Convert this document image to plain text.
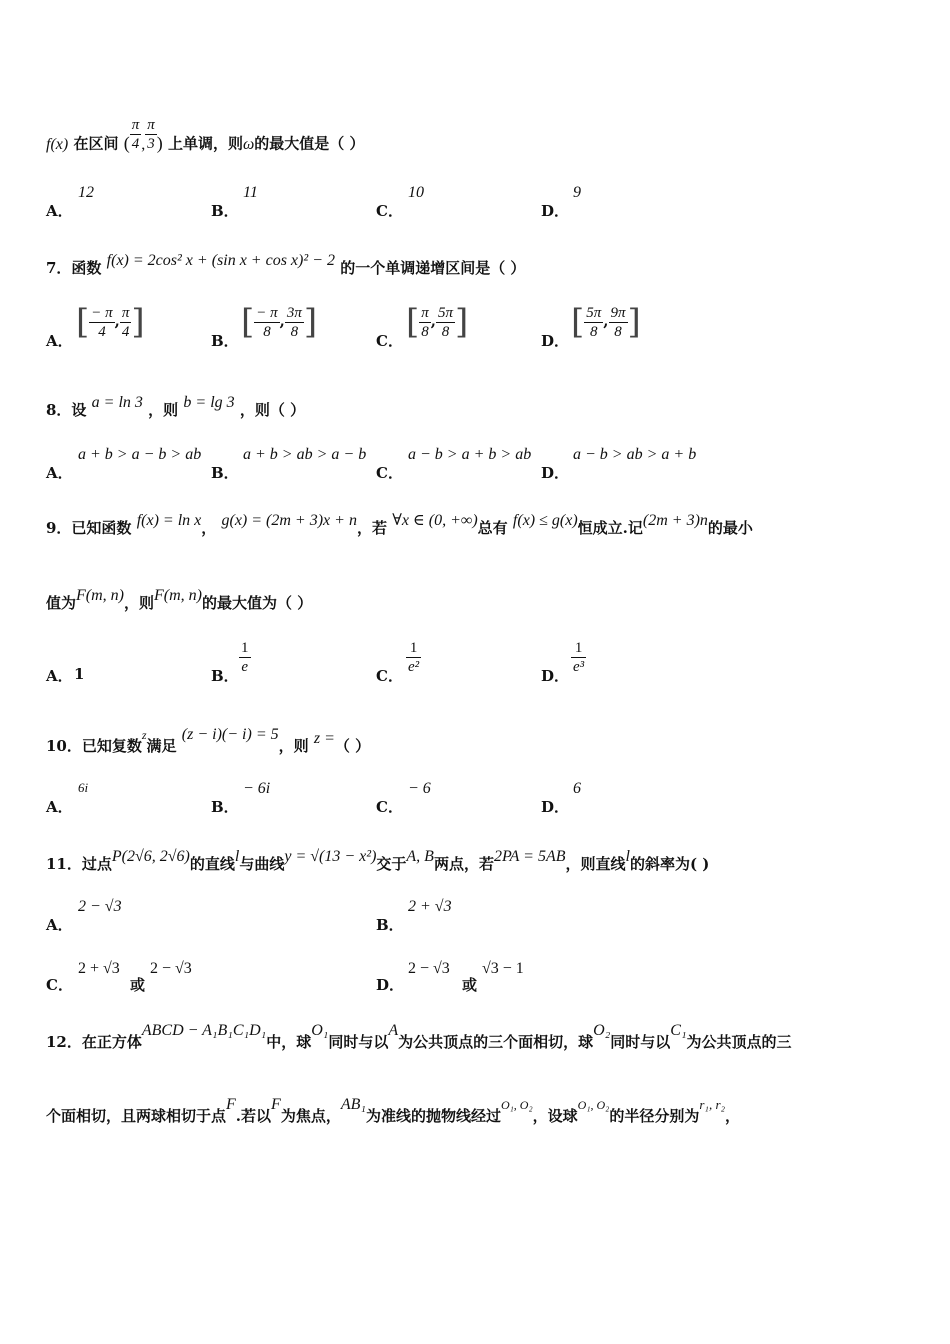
f(x) 在区间 ( $\frac{\pi}{4}$ , $\frac{\pi}{3}$ ) 上单调，则ω的最大值是（ ）
A．
12
B．
11
C．
10
D．
9
7．函数 f(x) = 2cos² x + (sin x + cos x)² − 2 的一个单调递增区间是（ ）
A． [ $\frac{- \pi}{4}$ , $\frac{\pi}{4}$ ]	B． [ $\frac{- \pi}{8}$ , $\frac{3\pi}{8}$ ]	C． [ $\frac{\pi}{8}$ , $\frac{5\pi}{8}$ ]	D． [ $\frac{5\pi}{8}$ , $\frac{9\pi}{8}$ ]
8．设 a = ln 3 ，则 b = lg 3 ，则（ ）
A．
a + b > a − b > ab
B．
a + b > ab > a − b
C．
a − b > a + b > ab
D．
a − b > ab > a + b
9．已知函数 f(x) = ln x， g(x) = (2m + 3)x + n，若 ∀x ∈ (0, +∞)总有 f(x) ≤ g(x)恒成立.记(2m + 3)n的最小
值为F(m, n)，则F(m, n)的最大值为（ ）
A． 1	B． $\frac{1}{e}$	C． $\frac{1}{\text{e²}}$	D． $\frac{1}{\text{e³}}$
10．已知复数$^z$满足 (z − i)(− i) = 5，则 z =（ ）
A．
6i
B．
− 6i
C．
− 6
D．
6
11．过点P(2√6, 2√6)的直线l与曲线y = √(13 − x²)交于A, B两点，若2PA = 5AB，则直线l的斜率为( )
A．
2 − √3
B．
2 + √3
C．
2 + √3
或
2 − √3
D．
2 − √3
或
√3 − 1
12．在正方体ABCD − A₁B₁C₁D₁中，球O₁同时与以A为公共顶点的三个面相切，球O₂同时与以C₁为公共顶点的三
个面相切，且两球相切于点F.若以F为焦点，AB₁为准线的抛物线经过$^{O_1, O_2}$，设球$^{O_1, O_2}$的半径分别为r₁, r₂，
